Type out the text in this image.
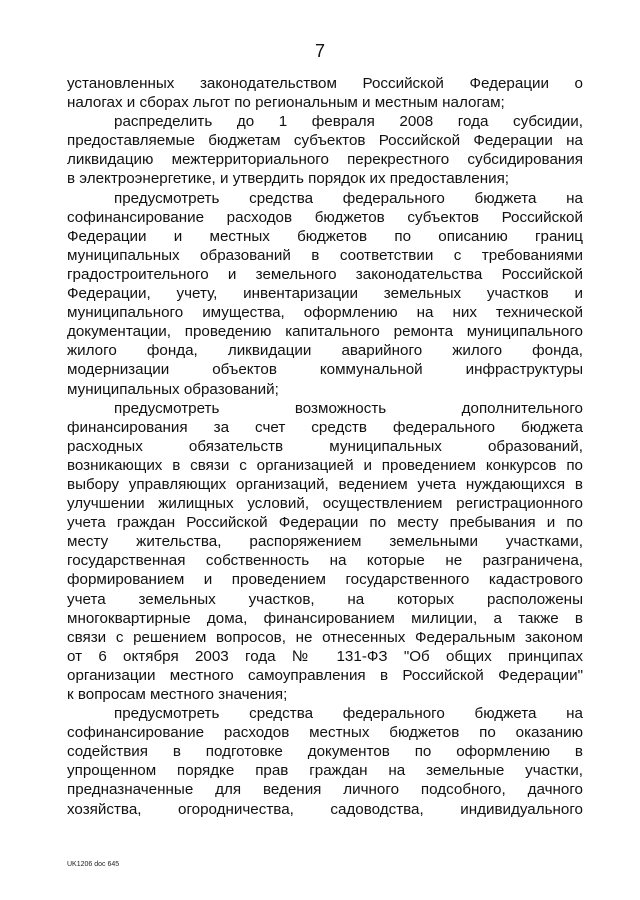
7
установленных законодательством Российской Федерации о
налогах и сборах льгот по региональным и местным налогам;
распределить до 1 февраля 2008 года субсидии,
предоставляемые бюджетам субъектов Российской Федерации на
ликвидацию межтерриториального перекрестного субсидирования
в электроэнергетике, и утвердить порядок их предоставления;
предусмотреть средства федерального бюджета на
софинансирование расходов бюджетов субъектов Российской
Федерации и местных бюджетов по описанию границ
муниципальных образований в соответствии с требованиями
градостроительного и земельного законодательства Российской
Федерации, учету, инвентаризации земельных участков и
муниципального имущества, оформлению на них технической
документации, проведению капитального ремонта муниципального
жилого фонда, ликвидации аварийного жилого фонда,
модернизации объектов коммунальной инфраструктуры
муниципальных образований;
предусмотреть возможность дополнительного
финансирования за счет средств федерального бюджета
расходных обязательств муниципальных образований,
возникающих в связи с организацией и проведением конкурсов по
выбору управляющих организаций, ведением учета нуждающихся в
улучшении жилищных условий, осуществлением регистрационного
учета граждан Российской Федерации по месту пребывания и по
месту жительства, распоряжением земельными участками,
государственная собственность на которые не разграничена,
формированием и проведением государственного кадастрового
учета земельных участков, на которых расположены
многоквартирные дома, финансированием милиции, а также в
связи с решением вопросов, не отнесенных Федеральным законом
от 6 октября 2003 года № 131-ФЗ "Об общих принципах
организации местного самоуправления в Российской Федерации"
к вопросам местного значения;
предусмотреть средства федерального бюджета на
софинансирование расходов местных бюджетов по оказанию
содействия в подготовке документов по оформлению в
упрощенном порядке прав граждан на земельные участки,
предназначенные для ведения личного подсобного, дачного
хозяйства, огородничества, садоводства, индивидуального
UK1206 doc 645
